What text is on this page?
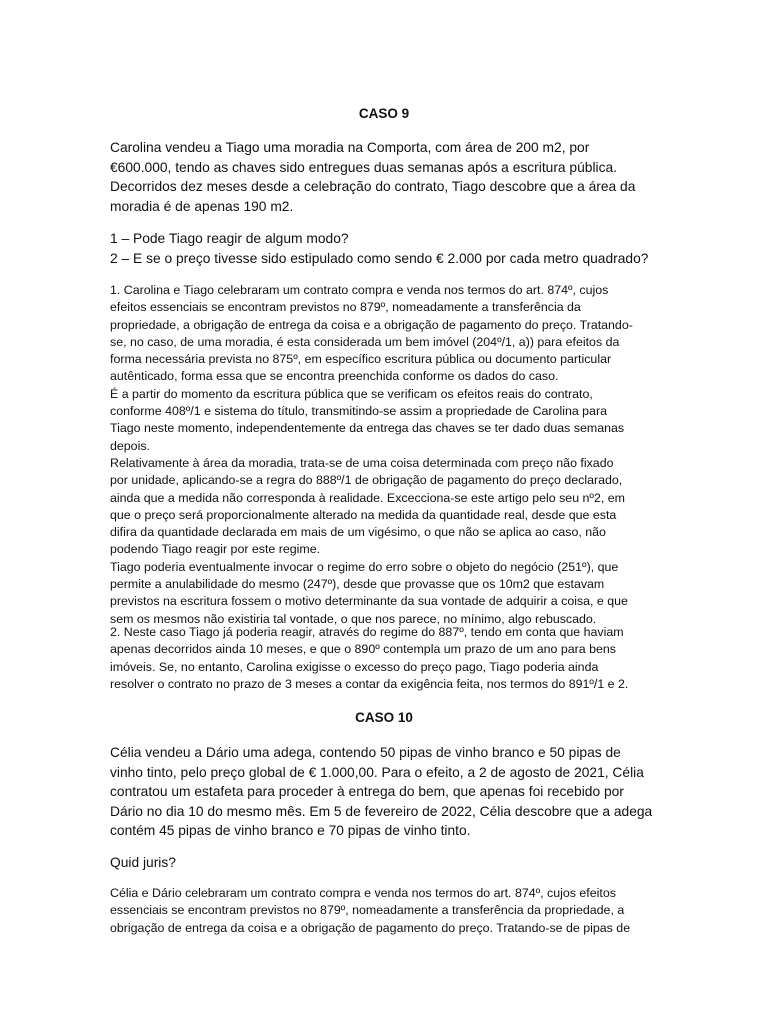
CASO 9

Carolina vendeu a Tiago uma moradia na Comporta, com área de 200 m2, por
€600.000, tendo as chaves sido entregues duas semanas após a escritura pública.
Decorridos dez meses desde a celebração do contrato, Tiago descobre que a área da
moradia é de apenas 190 m2.

1 – Pode Tiago reagir de algum modo?
2 – E se o preço tivesse sido estipulado como sendo € 2.000 por cada metro quadrado?

1. Carolina e Tiago celebraram um contrato compra e venda nos termos do art. 874º, cujos
efeitos essenciais se encontram previstos no 879º, nomeadamente a transferência da
propriedade, a obrigação de entrega da coisa e a obrigação de pagamento do preço. Tratando-
se, no caso, de uma moradia, é esta considerada um bem imóvel (204º/1, a)) para efeitos da
forma necessária prevista no 875º, em específico escritura pública ou documento particular
autênticado, forma essa que se encontra preenchida conforme os dados do caso.
É a partir do momento da escritura pública que se verificam os efeitos reais do contrato,
conforme 408º/1 e sistema do título, transmitindo-se assim a propriedade de Carolina para
Tiago neste momento, independentemente da entrega das chaves se ter dado duas semanas
depois.
Relativamente à área da moradia, trata-se de uma coisa determinada com preço não fixado
por unidade, aplicando-se a regra do 888º/1 de obrigação de pagamento do preço declarado,
ainda que a medida não corresponda à realidade. Excecciona-se este artigo pelo seu nº2, em
que o preço será proporcionalmente alterado na medida da quantidade real, desde que esta
difira da quantidade declarada em mais de um vigésimo, o que não se aplica ao caso, não
podendo Tiago reagir por este regime.
Tiago poderia eventualmente invocar o regime do erro sobre o objeto do negócio (251º), que
permite a anulabilidade do mesmo (247º), desde que provasse que os 10m2 que estavam
previstos na escritura fossem o motivo determinante da sua vontade de adquirir a coisa, e que
sem os mesmos não existiria tal vontade, o que nos parece, no mínimo, algo rebuscado.

2. Neste caso Tiago já poderia reagir, através do regime do 887º, tendo em conta que haviam
apenas decorridos ainda 10 meses, e que o 890º contempla um prazo de um ano para bens
imóveis. Se, no entanto, Carolina exigisse o excesso do preço pago, Tiago poderia ainda
resolver o contrato no prazo de 3 meses a contar da exigência feita, nos termos do 891º/1 e 2.

CASO 10

Célia vendeu a Dário uma adega, contendo 50 pipas de vinho branco e 50 pipas de
vinho tinto, pelo preço global de € 1.000,00. Para o efeito, a 2 de agosto de 2021, Célia
contratou um estafeta para proceder à entrega do bem, que apenas foi recebido por
Dário no dia 10 do mesmo mês. Em 5 de fevereiro de 2022, Célia descobre que a adega
contém 45 pipas de vinho branco e 70 pipas de vinho tinto.

Quid juris?

Célia e Dário celebraram um contrato compra e venda nos termos do art. 874º, cujos efeitos
essenciais se encontram previstos no 879º, nomeadamente a transferência da propriedade, a
obrigação de entrega da coisa e a obrigação de pagamento do preço. Tratando-se de pipas de
